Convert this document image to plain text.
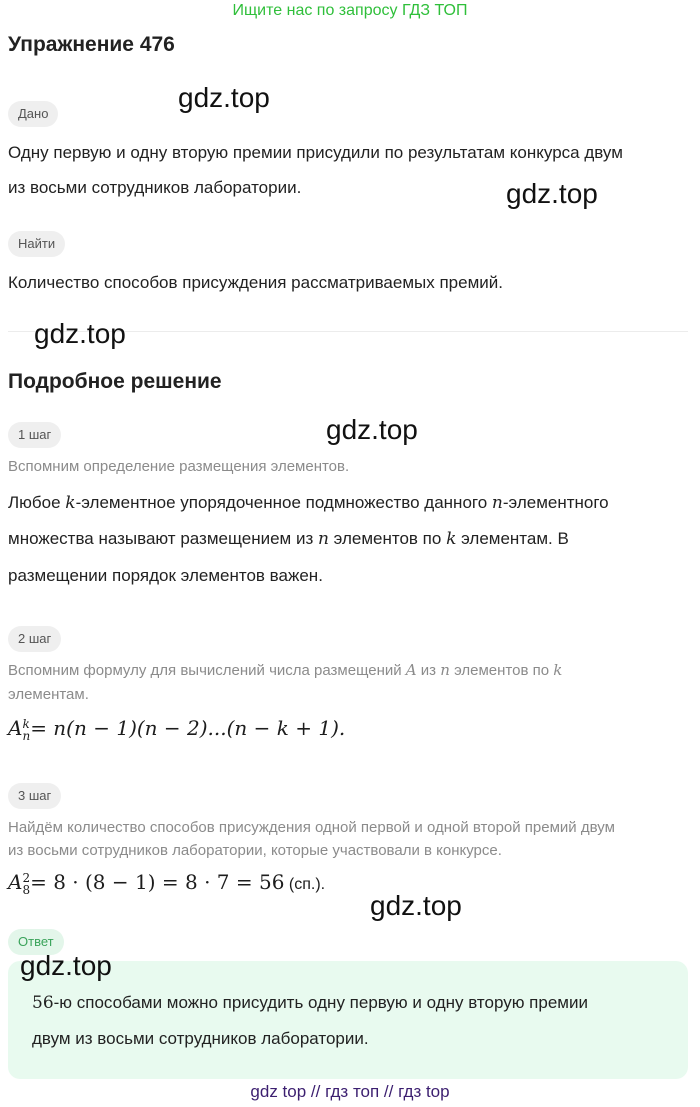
Ищите нас по запросу ГДЗ ТОП
Упражнение 476
Дано
Одну первую и одну вторую премии присудили по результатам конкурса двум
из восьми сотрудников лаборатории.
Найти
Количество способов присуждения рассматриваемых премий.
Подробное решение
1 шаг
Вспомним определение размещения элементов.
Любое k-элементное упорядоченное подмножество данного n-элементного
множества называют размещением из n элементов по k элементам. В
размещении порядок элементов важен.
2 шаг
Вспомним формулу для вычислений числа размещений A из n элементов по k
элементам.
A k
n = n(n − 1)(n − 2)...(n − k + 1).
3 шаг
Найдём количество способов присуждения одной первой и одной второй премий двум
из восьми сотрудников лаборатории, которые участвовали в конкурсе.
A 2
8 = 8 · (8 − 1) = 8 · 7 = 56 (сп.).
Ответ
56-ю способами можно присудить одну первую и одну вторую премии
двум из восьми сотрудников лаборатории.
gdz.top
gdz.top
gdz.top
gdz.top
gdz.top
gdz.top
gdz top // гдз топ // гдз top
